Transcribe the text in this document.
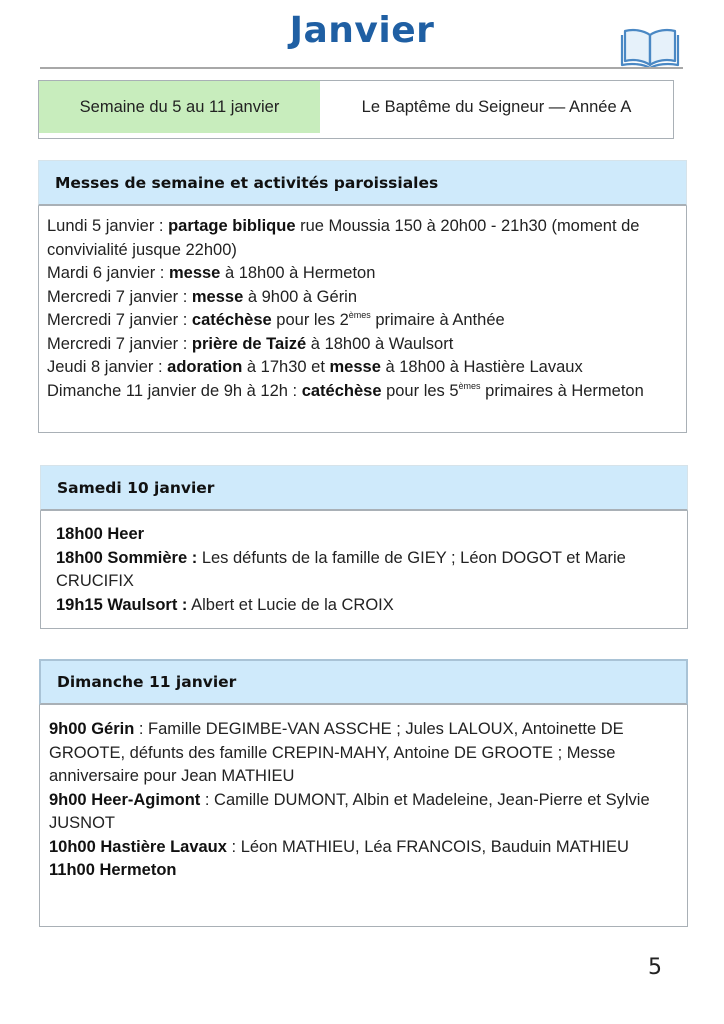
Janvier
Semaine du 5 au 11 janvier	Le Baptême du Seigneur — Année A
Messes de semaine et activités paroissiales
Lundi 5 janvier : partage biblique rue Moussia 150 à 20h00 - 21h30 (moment de convivialité jusque 22h00)
Mardi 6 janvier : messe à 18h00 à Hermeton
Mercredi 7 janvier : messe à 9h00 à Gérin
Mercredi 7 janvier : catéchèse pour les 2èmes primaire à Anthée
Mercredi 7 janvier : prière de Taizé à 18h00 à Waulsort
Jeudi 8 janvier : adoration à 17h30 et messe à 18h00 à Hastière Lavaux
Dimanche 11 janvier de 9h à 12h : catéchèse pour les 5èmes primaires à Hermeton
Samedi 10 janvier
18h00 Heer
18h00 Sommière : Les défunts de la famille de GIEY ; Léon DOGOT et Marie CRUCIFIX
19h15 Waulsort : Albert et Lucie de la CROIX
Dimanche 11 janvier
9h00 Gérin : Famille DEGIMBE-VAN ASSCHE ; Jules LALOUX, Antoinette DE GROOTE, défunts des famille CREPIN-MAHY, Antoine DE GROOTE ; Messe anniversaire pour Jean MATHIEU
9h00 Heer-Agimont : Camille DUMONT, Albin et Madeleine, Jean-Pierre et Sylvie JUSNOT
10h00 Hastière Lavaux : Léon MATHIEU, Léa FRANCOIS, Bauduin MATHIEU
11h00 Hermeton
5
